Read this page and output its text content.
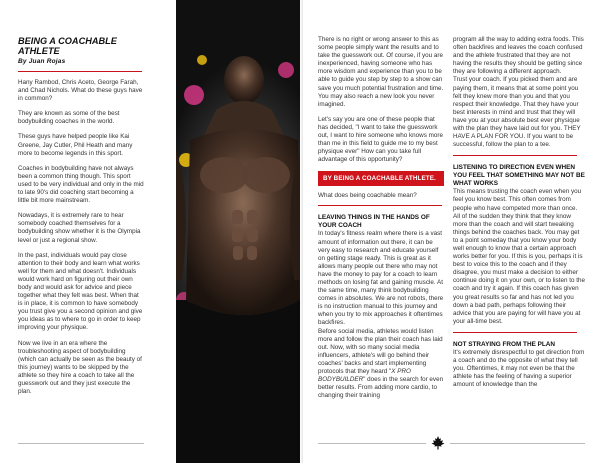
BEING A COACHABLE ATHLETE
By Juan Rojas

Hany Rambod, Chris Aceto, George Farah, and Chad Nichols. What do these guys have in common?

They are known as some of the best bodybuilding coaches in the world.

These guys have helped people like Kai Greene, Jay Cutler, Phil Heath and many more to become legends in this sport.

Coaches in bodybuilding have not always been a common thing though. This sport used to be very individual and only in the mid to late 90's did coaching start becoming a little bit more mainstream.

Nowadays, it is extremely rare to hear somebody coached themselves for a bodybuilding show whether it is the Olympia level or just a regional show.

In the past, individuals would pay close attention to their body and learn what works well for them and what doesn't. Individuals would work hard on figuring out their own body and would ask for advice and piece together what they felt was best. When that is in place, it is common to have somebody you trust give you a second opinion and give you ideas as to where to go in order to keep improving your physique.

Now we live in an era where the troubleshooting aspect of bodybuilding (which can actually be seen as the beauty of this journey) wants to be skipped by the athlete so they hire a coach to take all the guesswork out and they just execute the plan.

There is no right or wrong answer to this as some people simply want the results and to take the guesswork out. Of course, if you are inexperienced, having someone who has more wisdom and experience than you to be able to guide you step by step to a show can save you much potential frustration and time. You may also reach a new look you never imagined.

Let's say you are one of these people that has decided, "I want to take the guesswork out, I want to hire someone who knows more than me in this field to guide me to my best physique ever" How can you take full advantage of this opportunity?

BY BEING A COACHABLE ATHLETE.
What does being coachable mean?
LEAVING THINGS IN THE HANDS OF YOUR COACH

In today's fitness realm where there is a vast amount of information out there, it can be very easy to research and educate yourself on getting stage ready. This is great as it allows many people out there who may not have the money to pay for a coach to learn methods on losing fat and gaining muscle. At the same time, many think bodybuilding comes in absolutes. We are not robots, there is no instruction manual to this journey and when you try to mix approaches it oftentimes backfires.

Before social media, athletes would listen more and follow the plan their coach has laid out. Now, with so many social media influencers, athlete's will go behind their coaches' backs and start implementing protocols that they heard "X PRO BODYBUILDER" does in the search for even better results. From adding more cardio, to changing their training

program all the way to adding extra foods. This often backfires and leaves the coach confused and the athlete frustrated that they are not having the results they should be getting since they are following a different approach.

Trust your coach. If you picked them and are paying them, it means that at some point you felt they knew more than you and that you respect their knowledge. That they have your best interests in mind and trust that they will have you at your absolute best ever physique with the plan they have laid out for you. THEY HAVE A PLAN FOR YOU. If you want to be successful, follow the plan to a tee.

LISTENING TO DIRECTION EVEN WHEN YOU FEEL THAT SOMETHING MAY NOT BE WHAT WORKS

This means trusting the coach even when you feel you know best. This often comes from people who have competed more than once. All of the sudden they think that they know more than the coach and will start tweaking things behind the coaches back. You may get to a point someday that you know your body well enough to know that a certain approach works better for you. If this is you, perhaps it is best to voice this to the coach and if they disagree, you must make a decision to either continue doing it on your own, or to listen to the coach and try it again. If this coach has given you great results so far and has not led you down a bad path, perhaps following their advice that you are paying for will have you at your all-time best.

NOT STRAYING FROM THE PLAN

It's extremely disrespectful to get direction from a coach and do the opposite of what they tell you. Oftentimes, it may not even be that the athlete has the feeling of having a superior amount of knowledge than the
